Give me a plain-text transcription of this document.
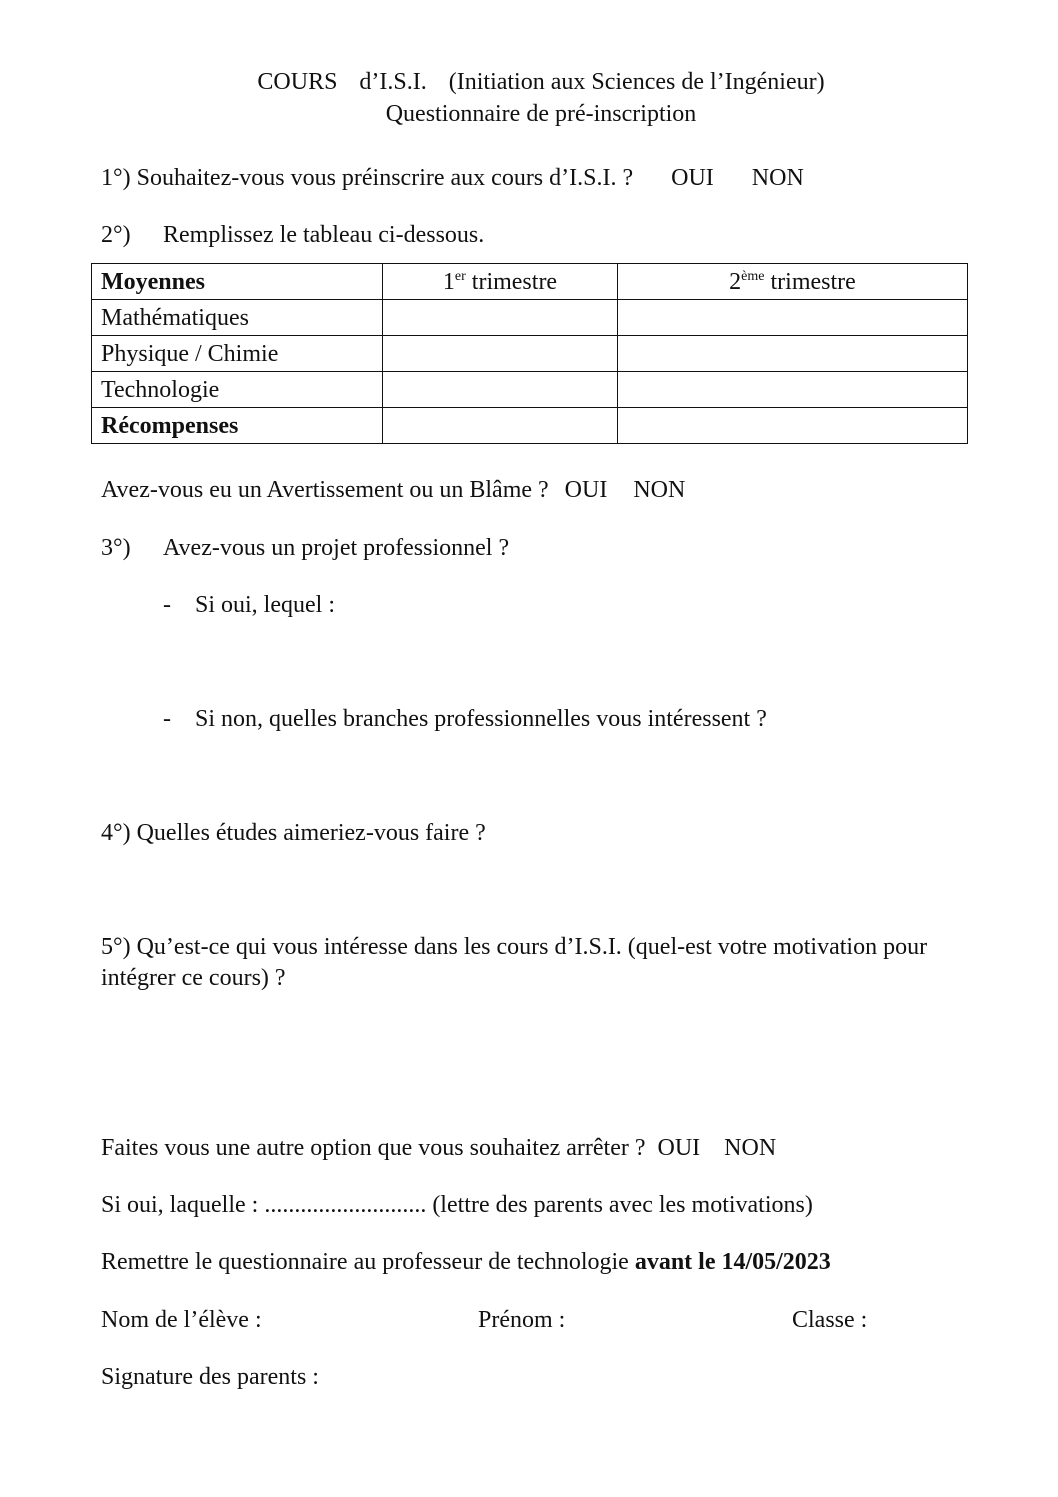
COURS d’I.S.I. (Initiation aux Sciences de l’Ingénieur)
Questionnaire de pré-inscription
1°) Souhaitez-vous vous préinscrire aux cours d’I.S.I. ? OUI NON
2°) Remplissez le tableau ci-dessous.
Moyennes	1er trimestre	2ème trimestre
Mathématiques		
Physique / Chimie		
Technologie		
Récompenses		
Avez-vous eu un Avertissement ou un Blâme ? OUI NON
3°) Avez-vous un projet professionnel ?
- Si oui, lequel :
- Si non, quelles branches professionnelles vous intéressent ?
4°) Quelles études aimeriez-vous faire ?
5°) Qu’est-ce qui vous intéresse dans les cours d’I.S.I. (quel-est votre motivation pour
intégrer ce cours) ?
Faites vous une autre option que vous souhaitez arrêter ? OUI NON
Si oui, laquelle : ........................... (lettre des parents avec les motivations)
Remettre le questionnaire au professeur de technologie avant le 14/05/2023
Nom de l’élève :	Prénom :	Classe :
Signature des parents :
